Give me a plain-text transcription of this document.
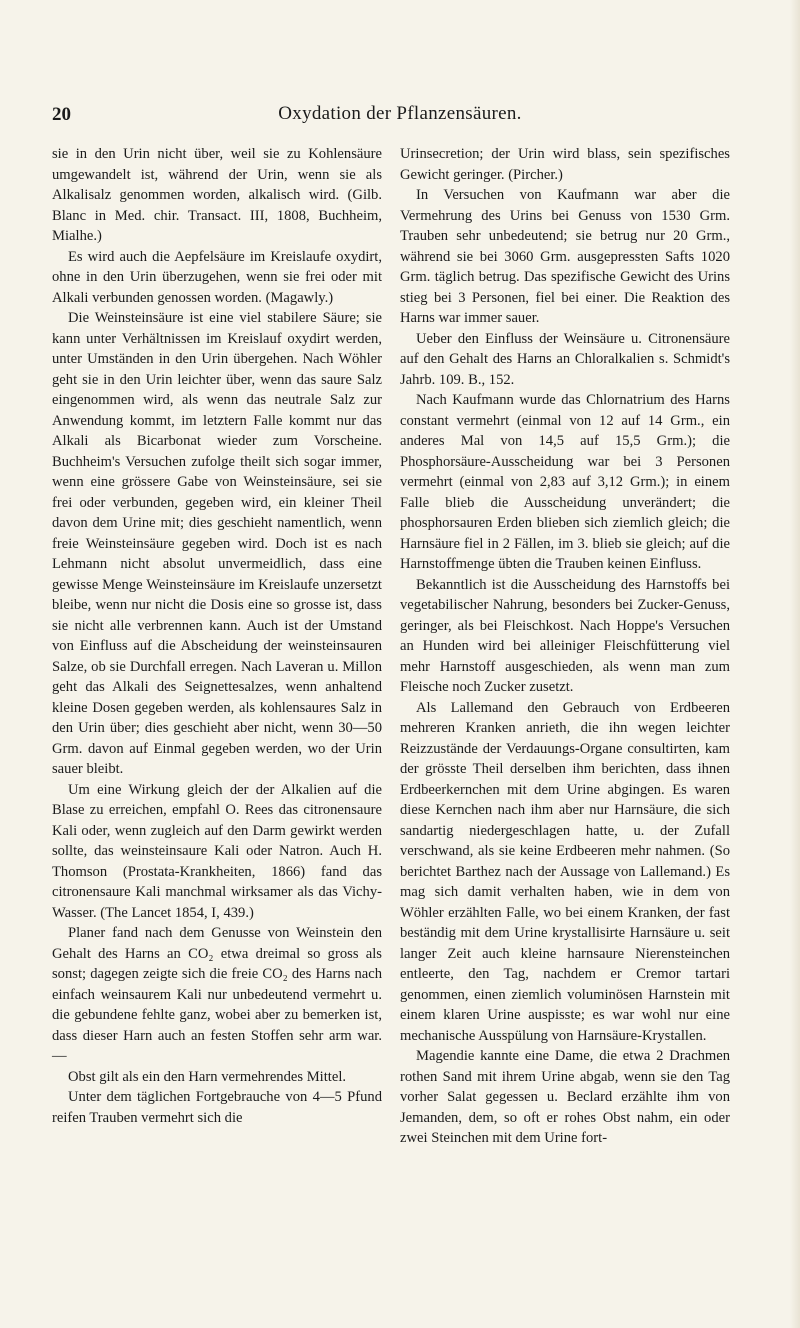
20	Oxydation der Pflanzensäuren.

sie in den Urin nicht über, weil sie zu Kohlensäure umgewandelt ist, während der Urin, wenn sie als Alkalisalz genommen worden, alkalisch wird. (Gilb. Blanc in Med. chir. Transact. III, 1808, Buchheim, Mialhe.)

Es wird auch die Aepfelsäure im Kreislaufe oxydirt, ohne in den Urin überzugehen, wenn sie frei oder mit Alkali verbunden genossen worden. (Magawly.)

Die Weinsteinsäure ist eine viel stabilere Säure; sie kann unter Verhältnissen im Kreislauf oxydirt werden, unter Umständen in den Urin übergehen. Nach Wöhler geht sie in den Urin leichter über, wenn das saure Salz eingenommen wird, als wenn das neutrale Salz zur Anwendung kommt, im letztern Falle kommt nur das Alkali als Bicarbonat wieder zum Vorscheine. Buchheim's Versuchen zufolge theilt sich sogar immer, wenn eine grössere Gabe von Weinsteinsäure, sei sie frei oder verbunden, gegeben wird, ein kleiner Theil davon dem Urine mit; dies geschieht namentlich, wenn freie Weinsteinsäure gegeben wird. Doch ist es nach Lehmann nicht absolut unvermeidlich, dass eine gewisse Menge Weinsteinsäure im Kreislaufe unzersetzt bleibe, wenn nur nicht die Dosis eine so grosse ist, dass sie nicht alle verbrennen kann. Auch ist der Umstand von Einfluss auf die Abscheidung der weinsteinsauren Salze, ob sie Durchfall erregen. Nach Laveran u. Millon geht das Alkali des Seignettesalzes, wenn anhaltend kleine Dosen gegeben werden, als kohlensaures Salz in den Urin über; dies geschieht aber nicht, wenn 30—50 Grm. davon auf Einmal gegeben werden, wo der Urin sauer bleibt.

Um eine Wirkung gleich der der Alkalien auf die Blase zu erreichen, empfahl O. Rees das citronensaure Kali oder, wenn zugleich auf den Darm gewirkt werden sollte, das weinsteinsaure Kali oder Natron. Auch H. Thomson (Prostata-Krankheiten, 1866) fand das citronensaure Kali manchmal wirksamer als das Vichy-Wasser. (The Lancet 1854, I, 439.)

Planer fand nach dem Genusse von Weinstein den Gehalt des Harns an CO₂ etwa dreimal so gross als sonst; dagegen zeigte sich die freie CO₂ des Harns nach einfach weinsaurem Kali nur unbedeutend vermehrt u. die gebundene fehlte ganz, wobei aber zu bemerken ist, dass dieser Harn auch an festen Stoffen sehr arm war. —

Obst gilt als ein den Harn vermehrendes Mittel.

Unter dem täglichen Fortgebrauche von 4—5 Pfund reifen Trauben vermehrt sich die

Urinsecretion; der Urin wird blass, sein spezifisches Gewicht geringer. (Pircher.)

In Versuchen von Kaufmann war aber die Vermehrung des Urins bei Genuss von 1530 Grm. Trauben sehr unbedeutend; sie betrug nur 20 Grm., während sie bei 3060 Grm. ausgepressten Safts 1020 Grm. täglich betrug. Das spezifische Gewicht des Urins stieg bei 3 Personen, fiel bei einer. Die Reaktion des Harns war immer sauer.

Ueber den Einfluss der Weinsäure u. Citronensäure auf den Gehalt des Harns an Chloralkalien s. Schmidt's Jahrb. 109. B., 152.

Nach Kaufmann wurde das Chlornatrium des Harns constant vermehrt (einmal von 12 auf 14 Grm., ein anderes Mal von 14,5 auf 15,5 Grm.); die Phosphorsäure-Ausscheidung war bei 3 Personen vermehrt (einmal von 2,83 auf 3,12 Grm.); in einem Falle blieb die Ausscheidung unverändert; die phosphorsauren Erden blieben sich ziemlich gleich; die Harnsäure fiel in 2 Fällen, im 3. blieb sie gleich; auf die Harnstoffmenge übten die Trauben keinen Einfluss.

Bekanntlich ist die Ausscheidung des Harnstoffs bei vegetabilischer Nahrung, besonders bei Zucker-Genuss, geringer, als bei Fleischkost. Nach Hoppe's Versuchen an Hunden wird bei alleiniger Fleischfütterung viel mehr Harnstoff ausgeschieden, als wenn man zum Fleische noch Zucker zusetzt.

Als Lallemand den Gebrauch von Erdbeeren mehreren Kranken anrieth, die ihn wegen leichter Reizzustände der Verdauungs-Organe consultirten, kam der grösste Theil derselben ihm berichten, dass ihnen Erdbeerkernchen mit dem Urine abgingen. Es waren diese Kernchen nach ihm aber nur Harnsäure, die sich sandartig niedergeschlagen hatte, u. der Zufall verschwand, als sie keine Erdbeeren mehr nahmen. (So berichtet Barthez nach der Aussage von Lallemand.) Es mag sich damit verhalten haben, wie in dem von Wöhler erzählten Falle, wo bei einem Kranken, der fast beständig mit dem Urine krystallisirte Harnsäure u. seit langer Zeit auch kleine harnsaure Nierensteinchen entleerte, den Tag, nachdem er Cremor tartari genommen, einen ziemlich voluminösen Harnstein mit einem klaren Urine auspisste; es war wohl nur eine mechanische Ausspülung von Harnsäure-Krystallen.

Magendie kannte eine Dame, die etwa 2 Drachmen rothen Sand mit ihrem Urine abgab, wenn sie den Tag vorher Salat gegessen u. Beclard erzählte ihm von Jemanden, dem, so oft er rohes Obst nahm, ein oder zwei Steinchen mit dem Urine fort-
